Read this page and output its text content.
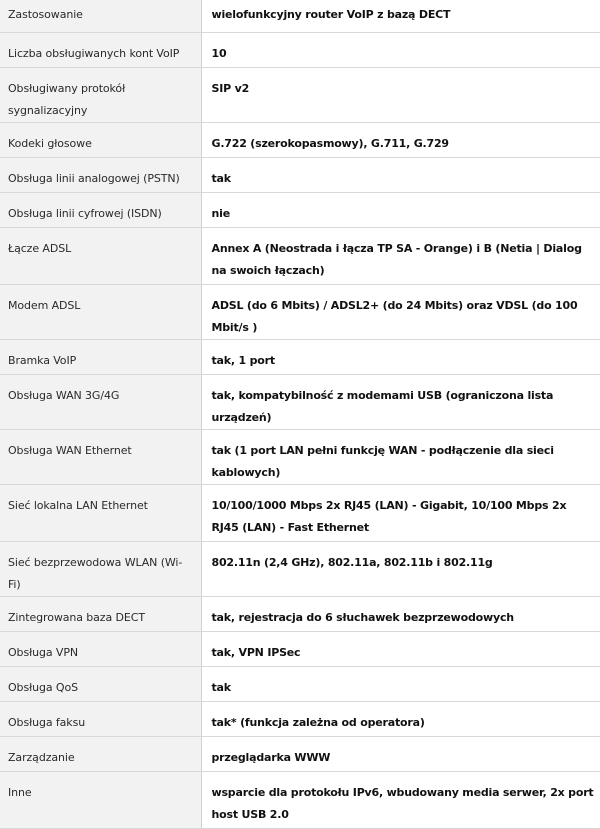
Zastosowanie	wielofunkcyjny router VoIP z bazą DECT
Liczba obsługiwanych kont VoIP	10
Obsługiwany protokół sygnalizacyjny	SIP v2
Kodeki głosowe	G.722 (szerokopasmowy), G.711, G.729
Obsługa linii analogowej (PSTN)	tak
Obsługa linii cyfrowej (ISDN)	nie
Łącze ADSL	Annex A (Neostrada i łącza TP SA - Orange) i B (Netia | Dialog na swoich łączach)
Modem ADSL	ADSL (do 6 Mbits) / ADSL2+ (do 24 Mbits) oraz VDSL (do 100 Mbit/s )
Bramka VoIP	tak, 1 port
Obsługa WAN 3G/4G	tak, kompatybilność z modemami USB (ograniczona lista urządzeń)
Obsługa WAN Ethernet	tak (1 port LAN pełni funkcję WAN - podłączenie dla sieci kablowych)
Sieć lokalna LAN Ethernet	10/100/1000 Mbps 2x RJ45 (LAN) - Gigabit, 10/100 Mbps 2x RJ45 (LAN) - Fast Ethernet
Sieć bezprzewodowa WLAN (Wi-Fi)	802.11n (2,4 GHz), 802.11a, 802.11b i 802.11g
Zintegrowana baza DECT	tak, rejestracja do 6 słuchawek bezprzewodowych
Obsługa VPN	tak, VPN IPSec
Obsługa QoS	tak
Obsługa faksu	tak* (funkcja zależna od operatora)
Zarządzanie	przeglądarka WWW
Inne	wsparcie dla protokołu IPv6, wbudowany media serwer, 2x port host USB 2.0
